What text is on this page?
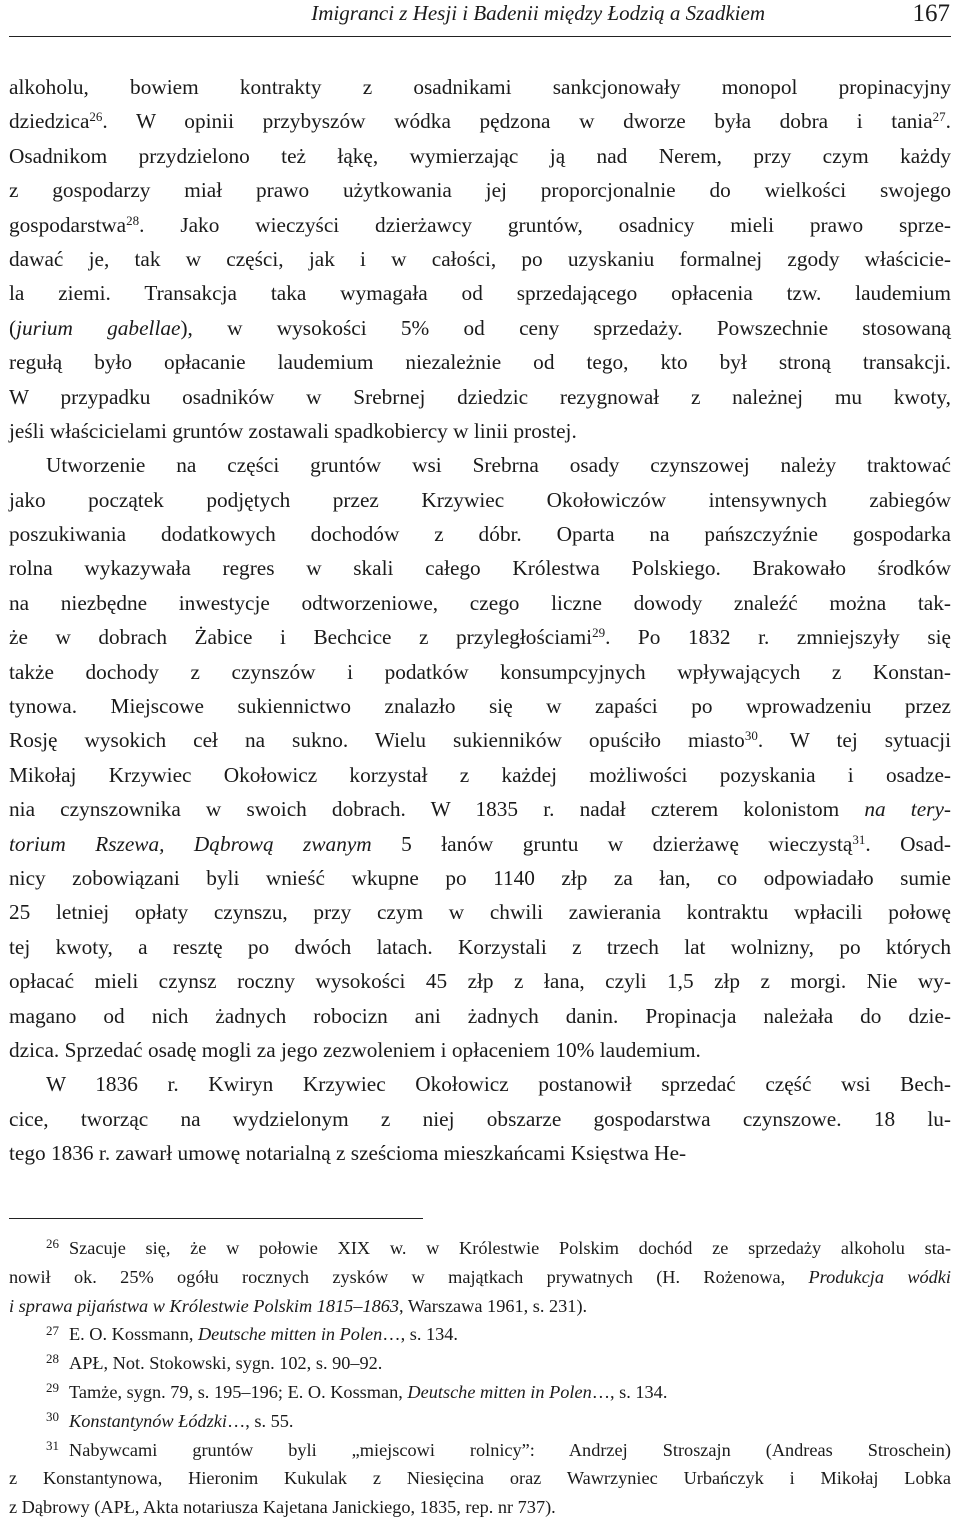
Imigranci z Hesji i Badenii między Łodzią a Szadkiem	167
alkoholu, bowiem kontrakty z osadnikami sankcjonowały monopol propinacyjny
dziedzica$^{26}$. W opinii przybyszów wódka pędzona w dworze była dobra i tania$^{27}$.
Osadnikom przydzielono też łąkę, wymierzając ją nad Nerem, przy czym każdy
z gospodarzy miał prawo użytkowania jej proporcjonalnie do wielkości swojego
gospodarstwa$^{28}$. Jako wieczyści dzierżawcy gruntów, osadnicy mieli prawo sprze-
dawać je, tak w części, jak i w całości, po uzyskaniu formalnej zgody właściciе-
la ziemi. Transakcja taka wymagała od sprzedającego opłacenia tzw. laudemium
(jurium gabellae), w wysokości 5% od ceny sprzedaży. Powszechnie stosowaną
regułą było opłacanie laudemium niezależnie od tego, kto był stroną transakcji.
W przypadku osadników w Srebrnej dziedzic rezygnował z należnej mu kwoty,
jeśli właścicielami gruntów zostawali spadkobiercy w linii prostej.
Utworzenie na części gruntów wsi Srebrna osady czynszowej należy traktować
jako początek podjętych przez Krzywiec Okołowiczów intensywnych zabiegów
poszukiwania dodatkowych dochodów z dóbr. Oparta na pańszczyźnie gospodarka
rolna wykazywała regres w skali całego Królestwa Polskiego. Brakowało środków
na niezbędne inwestycje odtworzeniowe, czego liczne dowody znaleźć można tak-
że w dobrach Żabice i Bechcice z przyległościami$^{29}$. Po 1832 r. zmniejszyły się
także dochody z czynszów i podatków konsumpcyjnych wpływających z Konstan-
tynowa. Miejscowe sukiennictwo znalazło się w zapaści po wprowadzeniu przez
Rosję wysokich ceł na sukno. Wielu sukienników opuściło miasto$^{30}$. W tej sytuacji
Mikołaj Krzywiec Okołowicz korzystał z każdej możliwości pozyskania i osadze-
nia czynszownika w swoich dobrach. W 1835 r. nadał czterem kolonistom na tery-
torium Rszewa, Dąbrową zwanym 5 łanów gruntu w dzierżawę wieczystą$^{31}$. Osad-
nicy zobowiązani byli wnieść wkupne po 1140 złp za łan, co odpowiadało sumie
25 letniej opłaty czynszu, przy czym w chwili zawierania kontraktu wpłacili połowę
tej kwoty, a resztę po dwóch latach. Korzystali z trzech lat wolnizny, po których
opłacać mieli czynsz roczny wysokości 45 złp z łana, czyli 1,5 złp z morgi. Nie wy-
magano od nich żadnych robocizn ani żadnych danin. Propinacja należała do dzie-
dzica. Sprzedać osadę mogli za jego zezwoleniem i opłaceniem 10% laudemium.
W 1836 r. Kwiryn Krzywiec Okołowicz postanowił sprzedać część wsi Bech-
cice, tworząc na wydzielonym z niej obszarze gospodarstwa czynszowe. 18 lu-
tego 1836 r. zawarł umowę notarialną z sześcioma mieszkańcami Księstwa He-
$^{26}$ Szacuje się, że w połowie XIX w. w Królestwie Polskim dochód ze sprzedaży alkoholu sta-
nowił ok. 25% ogółu rocznych zysków w majątkach prywatnych (H. Rożenowa, Produkcja wódki
i sprawa pijaństwa w Królestwie Polskim 1815–1863, Warszawa 1961, s. 231).
$^{27}$ E. O. Kossmann, Deutsche mitten in Polen…, s. 134.
$^{28}$ APŁ, Not. Stokowski, sygn. 102, s. 90–92.
$^{29}$ Tamże, sygn. 79, s. 195–196; E. O. Kossman, Deutsche mitten in Polen…, s. 134.
$^{30}$ Konstantynów Łódzki…, s. 55.
$^{31}$ Nabywcami gruntów byli „miejscowi rolnicy”: Andrzej Stroszajn (Andreas Stroschein)
z Konstantynowa, Hieronim Kukulak z Niesięcina oraz Wawrzyniec Urbańczyk i Mikołaj Lobka
z Dąbrowy (APŁ, Akta notariusza Kajetana Janickiego, 1835, rep. nr 737).
